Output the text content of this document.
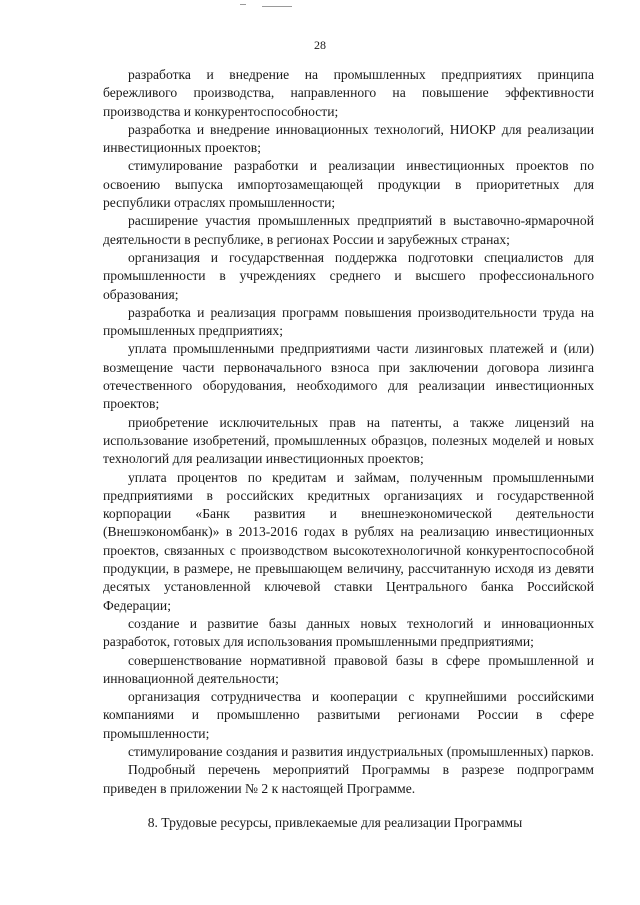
28

разработка и внедрение на промышленных предприятиях принципа бережливого производства, направленного на повышение эффективности производства и конкурентоспособности;

разработка и внедрение инновационных технологий, НИОКР для реализации инвестиционных проектов;

стимулирование разработки и реализации инвестиционных проектов по освоению выпуска импортозамещающей продукции в приоритетных для республики отраслях промышленности;

расширение участия промышленных предприятий в выставочно-ярмарочной деятельности в республике, в регионах России и зарубежных странах;

организация и государственная поддержка подготовки специалистов для промышленности в учреждениях среднего и высшего профессионального образования;

разработка и реализация программ повышения производительности труда на промышленных предприятиях;

уплата промышленными предприятиями части лизинговых платежей и (или) возмещение части первоначального взноса при заключении договора лизинга отечественного оборудования, необходимого для реализации инвестиционных проектов;

приобретение исключительных прав на патенты, а также лицензий на использование изобретений, промышленных образцов, полезных моделей и новых технологий для реализации инвестиционных проектов;

уплата процентов по кредитам и займам, полученным промышленными предприятиями в российских кредитных организациях и государственной корпорации «Банк развития и внешнеэкономической деятельности (Внешэкономбанк)» в 2013-2016 годах в рублях на реализацию инвестиционных проектов, связанных с производством высокотехнологичной конкурентоспособной продукции, в размере, не превышающем величину, рассчитанную исходя из девяти десятых установленной ключевой ставки Центрального банка Российской Федерации;

создание и развитие базы данных новых технологий и инновационных разработок, готовых для использования промышленными предприятиями;

совершенствование нормативной правовой базы в сфере промышленной и инновационной деятельности;

организация сотрудничества и кооперации с крупнейшими российскими компаниями и промышленно развитыми регионами России в сфере промышленности;

стимулирование создания и развития индустриальных (промышленных) парков.

Подробный перечень мероприятий Программы в разрезе подпрограмм приведен в приложении № 2 к настоящей Программе.

8. Трудовые ресурсы, привлекаемые для реализации Программы
